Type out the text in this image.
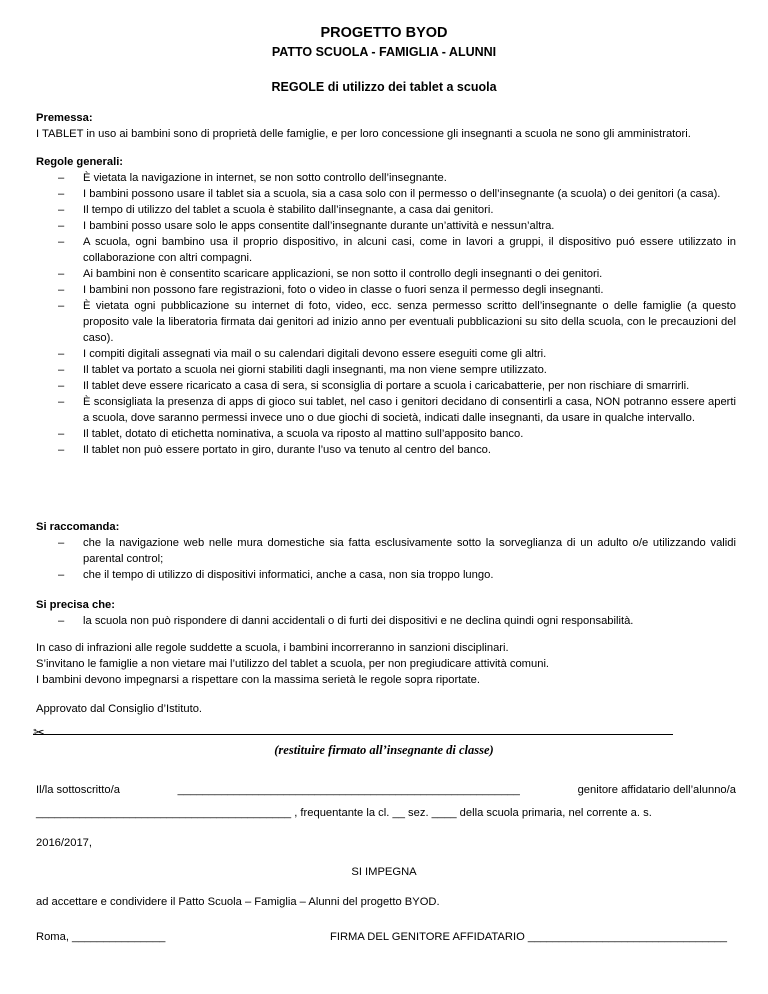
PROGETTO BYOD
PATTO SCUOLA - FAMIGLIA - ALUNNI
REGOLE di utilizzo dei tablet a scuola
Premessa:
I TABLET in uso ai bambini sono di proprietà delle famiglie, e per loro concessione gli insegnanti a scuola ne sono gli amministratori.
Regole generali:
– È vietata la navigazione in internet, se non sotto controllo dell’insegnante.
– I bambini possono usare il tablet sia a scuola, sia a casa solo con il permesso o dell’insegnante (a scuola) o dei genitori (a casa).
– Il tempo di utilizzo del tablet a scuola è stabilito dall’insegnante, a casa dai genitori.
– I bambini posso usare solo le apps consentite dall’insegnante durante un’attività e nessun’altra.
– A scuola, ogni bambino usa il proprio dispositivo, in alcuni casi, come in lavori a gruppi, il dispositivo puó essere utilizzato in collaborazione con altri compagni.
– Ai bambini non è consentito scaricare applicazioni, se non sotto il controllo degli insegnanti o dei genitori.
– I bambini non possono fare registrazioni, foto o video in classe o fuori senza il permesso degli insegnanti.
– È vietata ogni pubblicazione su internet di foto, video, ecc. senza permesso scritto dell’insegnante o delle famiglie (a questo proposito vale la liberatoria firmata dai genitori ad inizio anno per eventuali pubblicazioni su sito della scuola, con le precauzioni del caso).
– I compiti digitali assegnati via mail o su calendari digitali devono essere eseguiti come gli altri.
– Il tablet va portato a scuola nei giorni stabiliti dagli insegnanti, ma non viene sempre utilizzato.
– Il tablet deve essere ricaricato a casa di sera, si sconsiglia di portare a scuola i caricabatterie, per non rischiare di smarrirli.
– È sconsigliata la presenza di apps di gioco sui tablet, nel caso i genitori decidano di consentirli a casa, NON potranno essere aperti a scuola, dove saranno permessi invece uno o due giochi di società, indicati dalle insegnanti, da usare in qualche intervallo.
– Il tablet, dotato di etichetta nominativa, a scuola va riposto al mattino sull’apposito banco.
– Il tablet non può essere portato in giro, durante l’uso va tenuto al centro del banco.
Si raccomanda:
– che la navigazione web nelle mura domestiche sia fatta esclusivamente sotto la sorveglianza di un adulto o/e utilizzando validi parental control;
– che il tempo di utilizzo di dispositivi informatici, anche a casa, non sia troppo lungo.
Si precisa che:
– la scuola non può rispondere di danni accidentali o di furti dei dispositivi e ne declina quindi ogni responsabilità.
In caso di infrazioni alle regole suddette a scuola, i bambini incorreranno in sanzioni disciplinari.
S’invitano le famiglie a non vietare mai l’utilizzo del tablet a scuola, per non pregiudicare attività comuni.
I bambini devono impegnarsi a rispettare con la massima serietà le regole sopra riportate.
Approvato dal Consiglio d’Istituto.
✂
(restituire firmato all’insegnante di classe)
Il/la sottoscritto/a	_______________________________________________________	genitore affidatario dell’alunno/a
_________________________________________ , frequentante la cl. __ sez. ____ della scuola primaria, nel corrente a. s.
2016/2017,
SI IMPEGNA
ad accettare e condividere il Patto Scuola – Famiglia – Alunni del progetto BYOD.
Roma, _______________	FIRMA DEL GENITORE AFFIDATARIO ________________________________
